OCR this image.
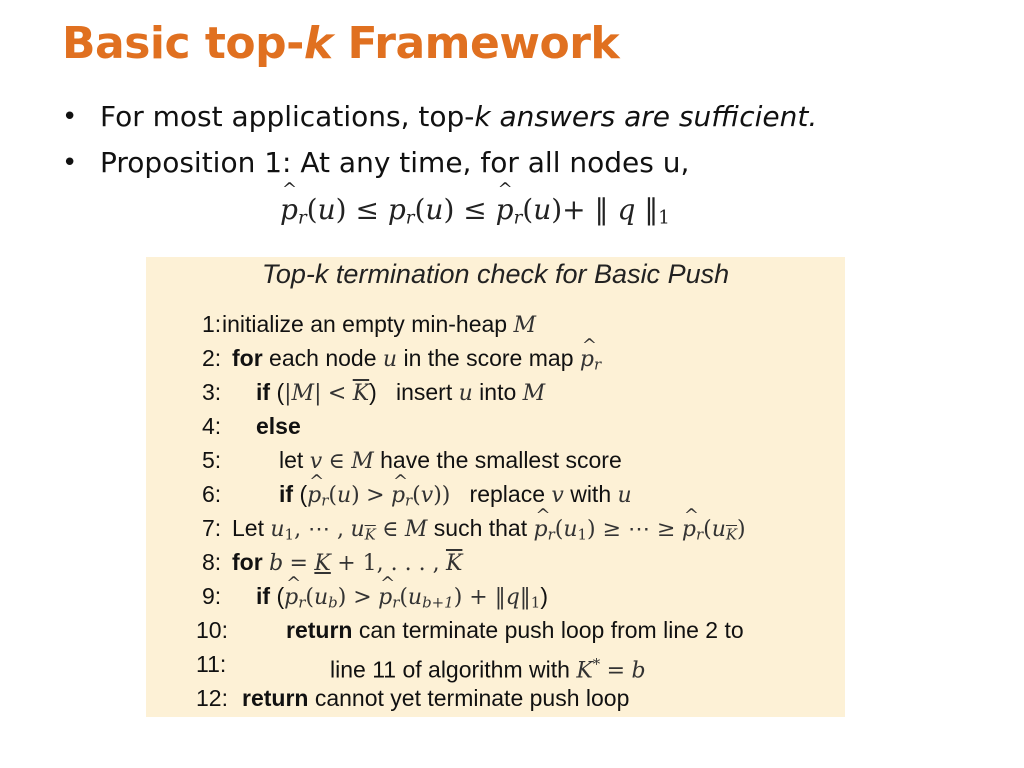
Basic top-k Framework
• For most applications, top-k answers are sufficient.
• Proposition 1: At any time, for all nodes u,
^ $p_r(u) \le p_r(u)$ ≤ ^ $p_r(u)+$ ‖ q $‖_1$
Top-k termination check for Basic Push
1: initialize an empty min-heap M
2: for each node u in the score map ^ $p_r$
3: if $(|M| < \overline{K})$   insert u into M
4: else
5:	let v ∈ M have the smallest score
6:	if (^ $p_r(u)$ > ^ $p_r(v)$)   replace v with u
7: Let $u_1$, ⋯ , $u_{\overline{K}}$ ∈ M such that ^ $p_r(u_1)$ ≥ ⋯ ≥ ^ $p_r(u_{\overline{K}})$
8: for b = K + 1, . . . , $\overline{K}$
9: if (^ $p_r(u_b)$ > ^ $p_r(u_{b+1})$ + $‖q‖_1$)
10:	return can terminate push loop from line 2 to
11:	line 11 of algorithm with K* = b
12: return cannot yet terminate push loop
